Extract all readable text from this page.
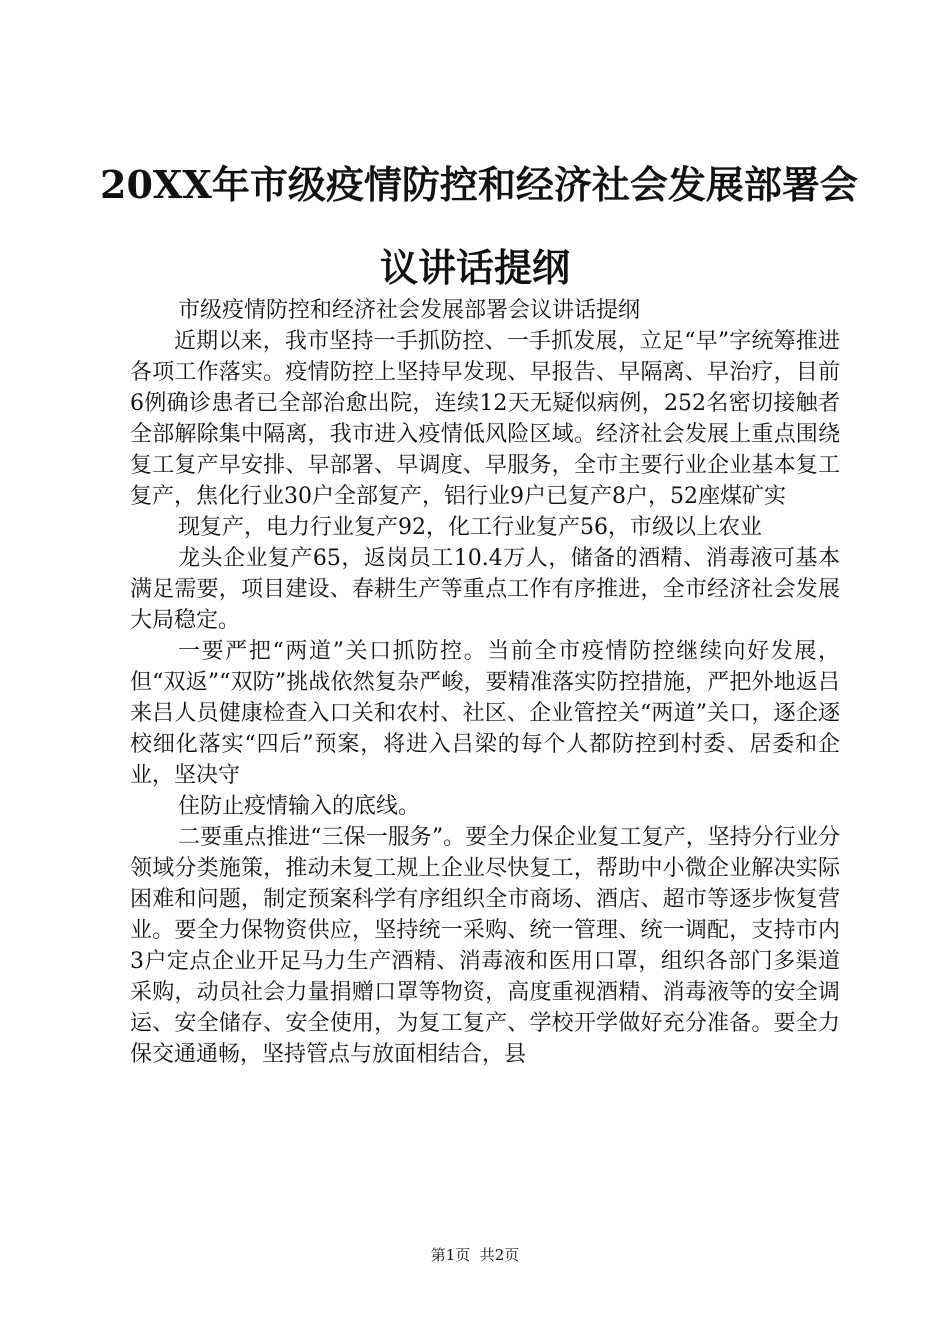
20XX年市级疫情防控和经济社会发展部署会
议讲话提纲

市级疫情防控和经济社会发展部署会议讲话提纲

近期以来，我市坚持一手抓防控、一手抓发展，立足“早”字统筹推进各项工作落实。疫情防控上坚持早发现、早报告、早隔离、早治疗，目前6例确诊患者已全部治愈出院，连续12天无疑似病例，252名密切接触者全部解除集中隔离，我市进入疫情低风险区域。经济社会发展上重点围绕复工复产早安排、早部署、早调度、早服务，全市主要行业企业基本复工复产，焦化行业30户全部复产，铝行业9户已复产8户，52座煤矿实

现复产，电力行业复产92，化工行业复产56，市级以上农业

龙头企业复产65，返岗员工10.4万人，储备的酒精、消毒液可基本满足需要，项目建设、春耕生产等重点工作有序推进，全市经济社会发展大局稳定。

一要严把“两道”关口抓防控。当前全市疫情防控继续向好发展，但“双返”“双防”挑战依然复杂严峻，要精准落实防控措施，严把外地返吕来吕人员健康检查入口关和农村、社区、企业管控关“两道”关口，逐企逐校细化落实“四后”预案，将进入吕梁的每个人都防控到村委、居委和企业，坚决守

住防止疫情输入的底线。

二要重点推进“三保一服务”。要全力保企业复工复产，坚持分行业分领域分类施策，推动未复工规上企业尽快复工，帮助中小微企业解决实际困难和问题，制定预案科学有序组织全市商场、酒店、超市等逐步恢复营业。要全力保物资供应，坚持统一采购、统一管理、统一调配，支持市内3户定点企业开足马力生产酒精、消毒液和医用口罩，组织各部门多渠道采购，动员社会力量捐赠口罩等物资，高度重视酒精、消毒液等的安全调运、安全储存、安全使用，为复工复产、学校开学做好充分准备。要全力保交通通畅，坚持管点与放面相结合，县

第1页  共2页
